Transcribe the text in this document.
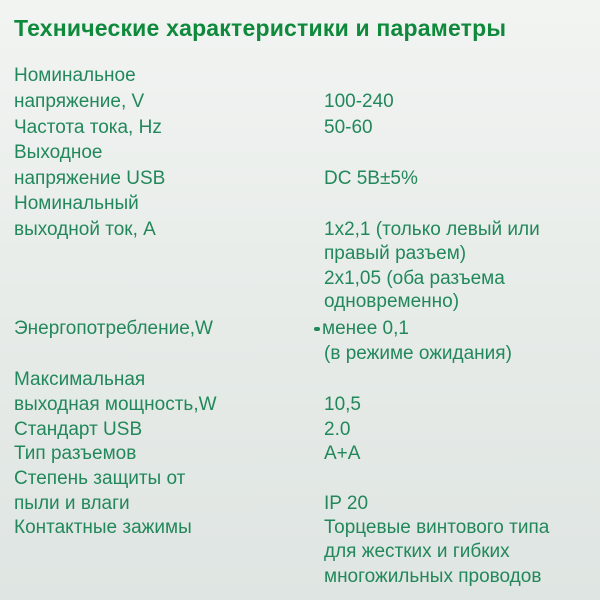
Технические характеристики и параметры
Номинальное
напряжение, V	100-240
Частота тока, Hz	50-60
Выходное
напряжение USB	DC 5B±5%
Номинальный
выходной ток, А	1х2,1 (только левый или
правый разъем)
2х1,05 (оба разъема
одновременно)
Энергопотребление,W	менее 0,1
(в режиме ожидания)
Максимальная
выходная мощность,W	10,5
Стандарт USB	2.0
Тип разъемов	А+А
Степень защиты от
пыли и влаги	IP 20
Контактные зажимы	Торцевые винтового типа
для жестких и гибких
многожильных проводов
